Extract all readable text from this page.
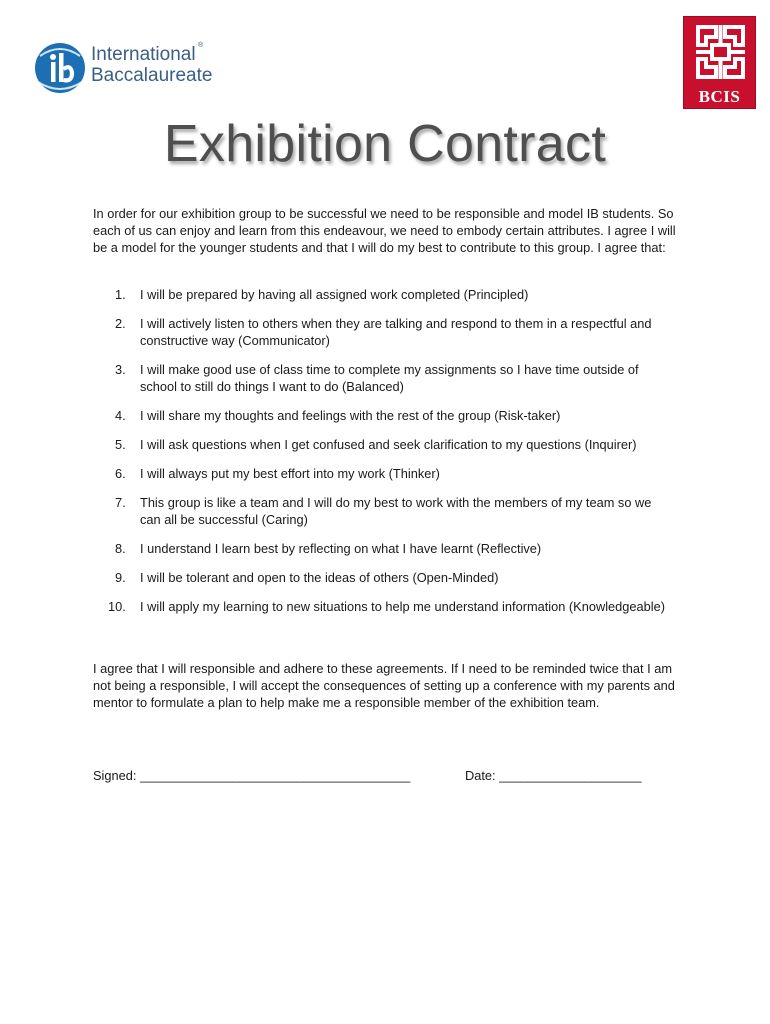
International
Baccalaureate
®
BCIS
Exhibition Contract

In order for our exhibition group to be successful we need to be responsible and model IB students. So each of us can enjoy and learn from this endeavour, we need to embody certain attributes. I agree I will be a model for the younger students and that I will do my best to contribute to this group. I agree that:

1. I will be prepared by having all assigned work completed (Principled)
2. I will actively listen to others when they are talking and respond to them in a respectful and constructive way (Communicator)
3. I will make good use of class time to complete my assignments so I have time outside of school to still do things I want to do (Balanced)
4. I will share my thoughts and feelings with the rest of the group (Risk-taker)
5. I will ask questions when I get confused and seek clarification to my questions (Inquirer)
6. I will always put my best effort into my work (Thinker)
7. This group is like a team and I will do my best to work with the members of my team so we can all be successful (Caring)
8. I understand I learn best by reflecting on what I have learnt (Reflective)
9. I will be tolerant and open to the ideas of others (Open-Minded)
10. I will apply my learning to new situations to help me understand information (Knowledgeable)

I agree that I will responsible and adhere to these agreements. If I need to be reminded twice that I am not being a responsible, I will accept the consequences of setting up a conference with my parents and mentor to formulate a plan to help make me a responsible member of the exhibition team.

Signed: ______________________________________	Date: ____________________
